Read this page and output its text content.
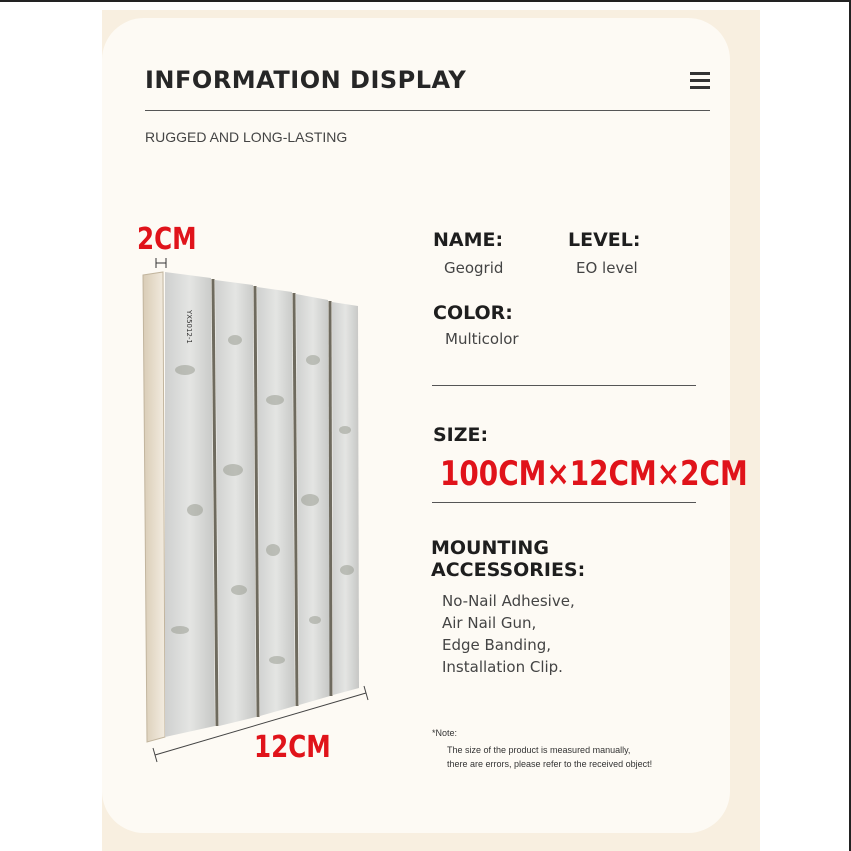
INFORMATION DISPLAY
RUGGED AND LONG-LASTING
2CM
YX5012-1
12CM
NAME:
Geogrid
LEVEL:
EO level
COLOR:
Multicolor
SIZE:
100CM×12CM×2CM
MOUNTING
ACCESSORIES:
No-Nail Adhesive,
Air Nail Gun,
Edge Banding,
Installation Clip.
*Note:
The size of the product is measured manually,
there are errors, please refer to the received object!
